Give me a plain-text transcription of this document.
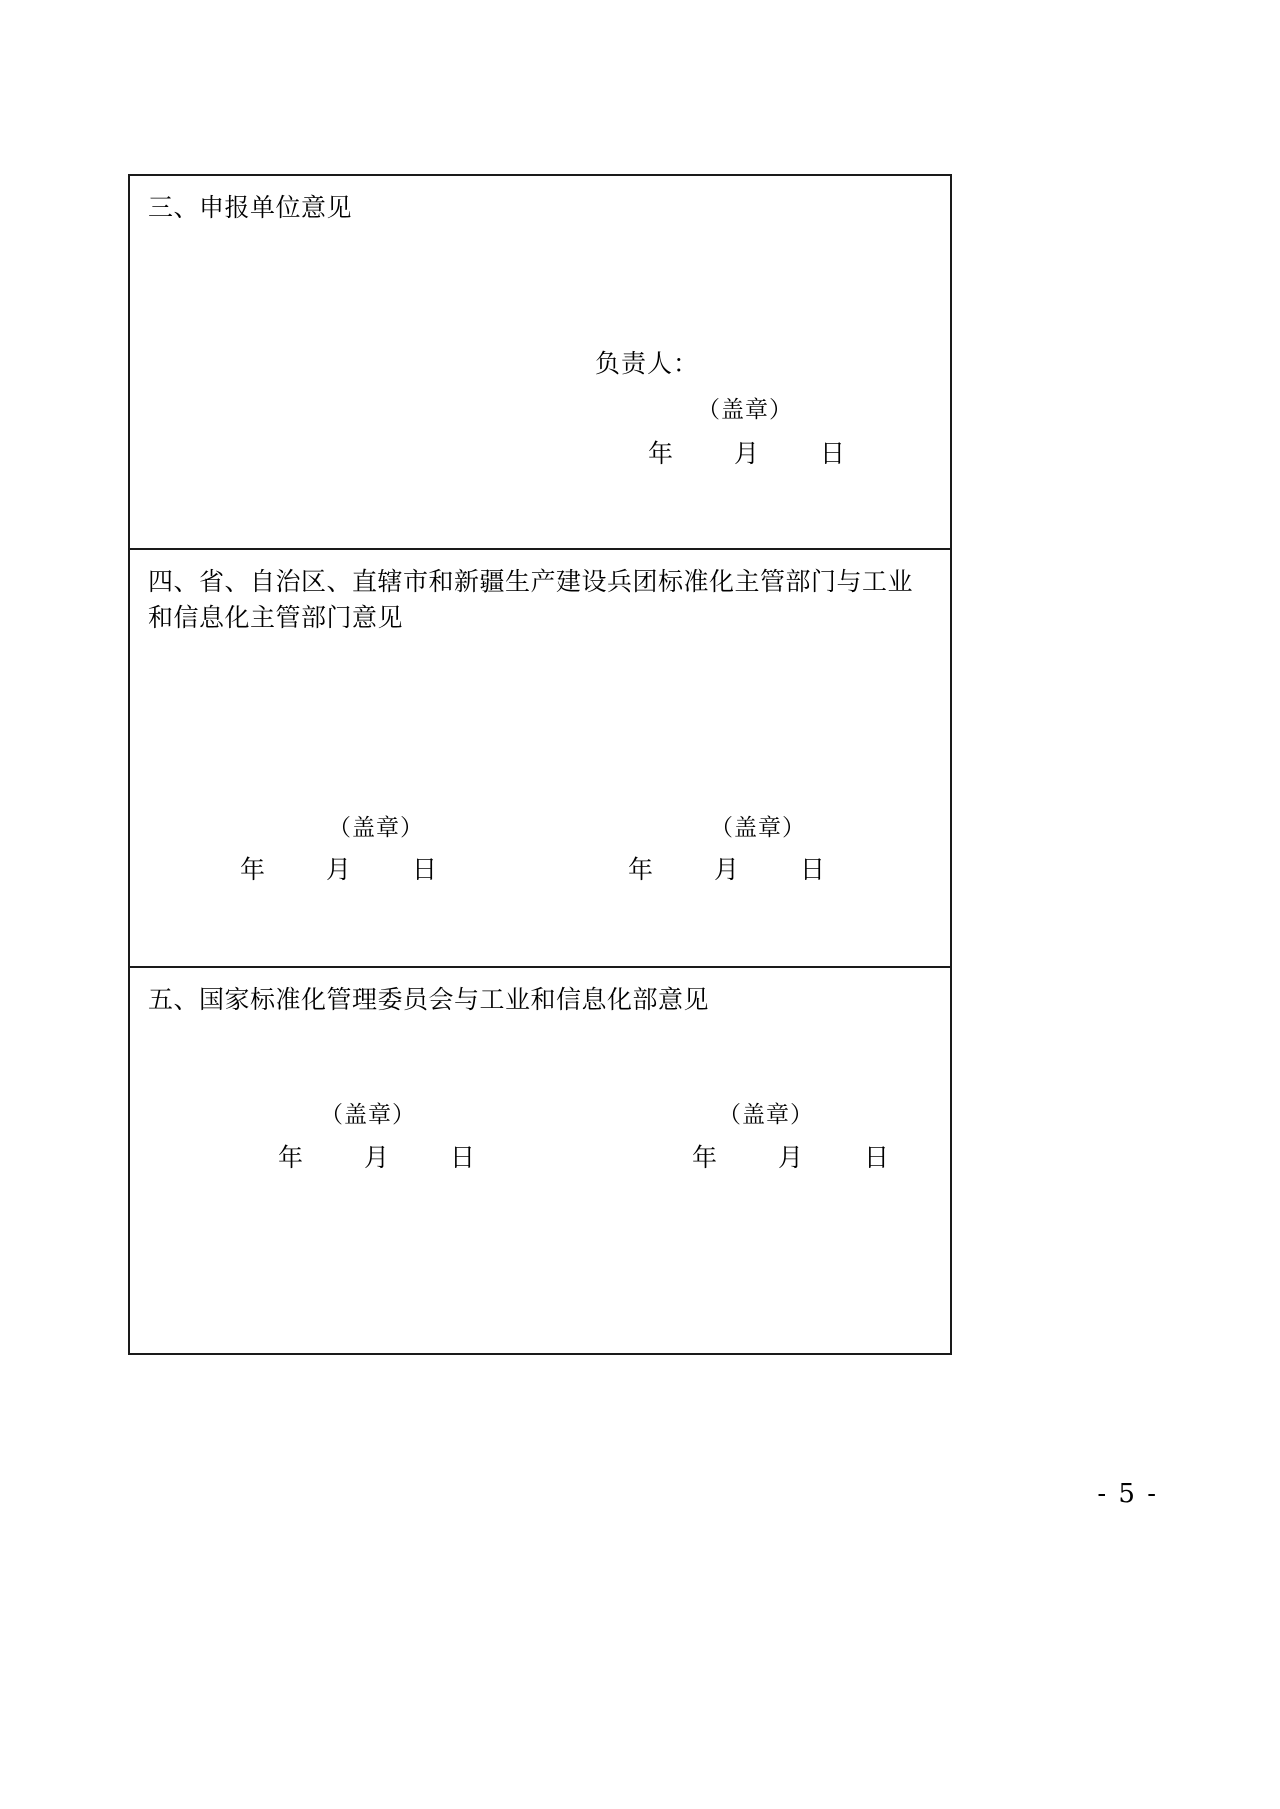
三、申报单位意见
负责人：
（盖章）
年 月 日
四、省、自治区、直辖市和新疆生产建设兵团标准化主管部门与工业和信息化主管部门意见
（盖章）	（盖章）
年 月 日	年 月 日
五、国家标准化管理委员会与工业和信息化部意见
（盖章）	（盖章）
年 月 日	年 月 日
- 5 -
